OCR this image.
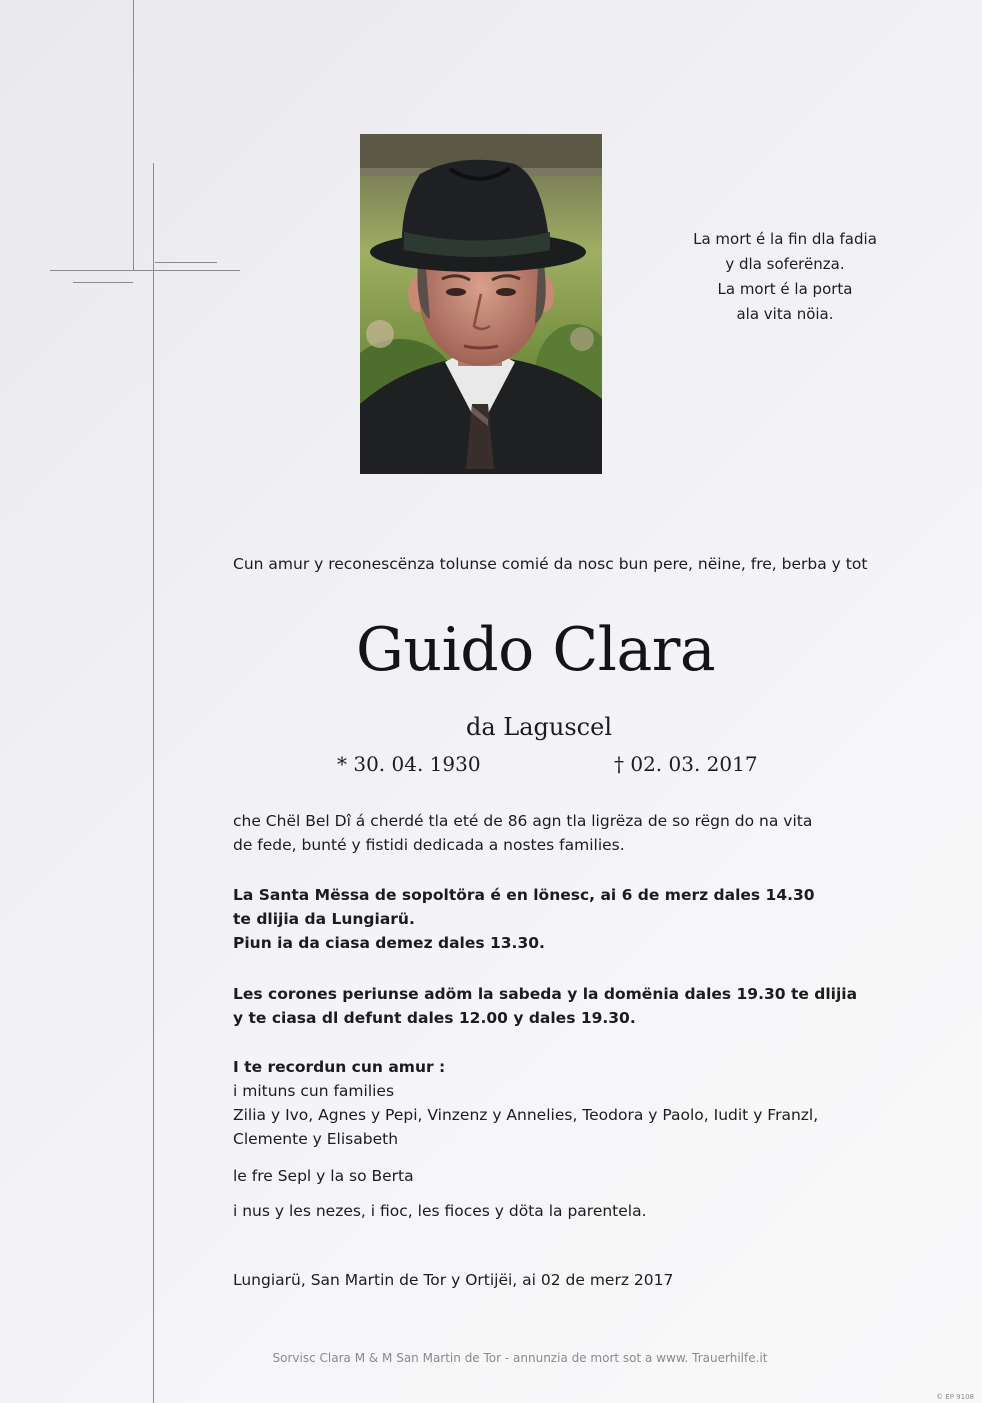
La mort é la fin dla fadia
y dla soferënza.
La mort é la porta
ala vita nöia.
Cun amur y reconescënza tolunse comié da nosc bun pere, nëine, fre, berba y tot
Guido Clara
da Laguscel
* 30. 04. 1930	† 02. 03. 2017
che Chël Bel Dî á cherdé tla eté de 86 agn tla ligrëza de so rëgn do na vita
de fede, bunté y fistidi dedicada a nostes families.
La Santa Mëssa de sopoltöra é en lönesc, ai 6 de merz dales 14.30
te dlijia da Lungiarü.
Piun ia da ciasa demez dales 13.30.
Les corones periunse adöm la sabeda y la domënia dales 19.30 te dlijia
y te ciasa dl defunt dales 12.00 y dales 19.30.
I te recordun cun amur :
i mituns cun families
Zilia y Ivo, Agnes y Pepi, Vinzenz y Annelies, Teodora y Paolo, Iudit y Franzl,
Clemente y Elisabeth
le fre Sepl y la so Berta
i nus y les nezes, i fioc, les fioces y döta la parentela.
Lungiarü, San Martin de Tor y Ortijëi, ai 02 de merz 2017
Sorvisc Clara M & M San Martin de Tor - annunzia de mort sot a www. Trauerhilfe.it
© EP 9108
